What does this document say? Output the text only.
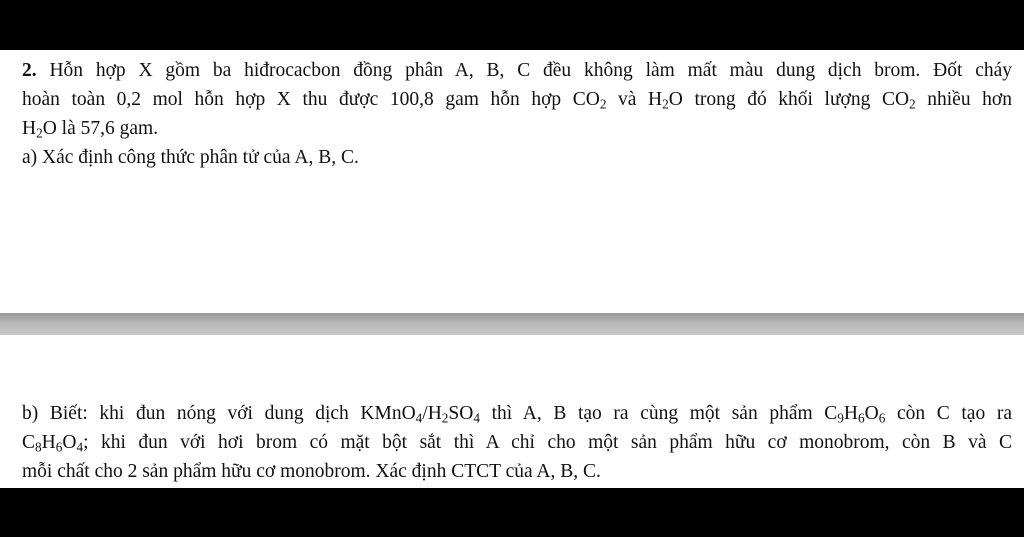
2. Hỗn hợp X gồm ba hiđrocacbon đồng phân A, B, C đều không làm mất màu dung dịch brom. Đốt cháy
hoàn toàn 0,2 mol hỗn hợp X thu được 100,8 gam hỗn hợp $CO_2$ và $H_2O$ trong đó khối lượng $CO_2$ nhiều hơn
$H_2O$ là 57,6 gam.
a) Xác định công thức phân tử của A, B, C.
b) Biết: khi đun nóng với dung dịch $KMnO_4/H_2SO_4$ thì A, B tạo ra cùng một sản phẩm $C_9H_6O_6$ còn C tạo ra
$C_8H_6O_4$; khi đun với hơi brom có mặt bột sắt thì A chỉ cho một sản phẩm hữu cơ monobrom, còn B và C
mỗi chất cho 2 sản phẩm hữu cơ monobrom. Xác định CTCT của A, B, C.
